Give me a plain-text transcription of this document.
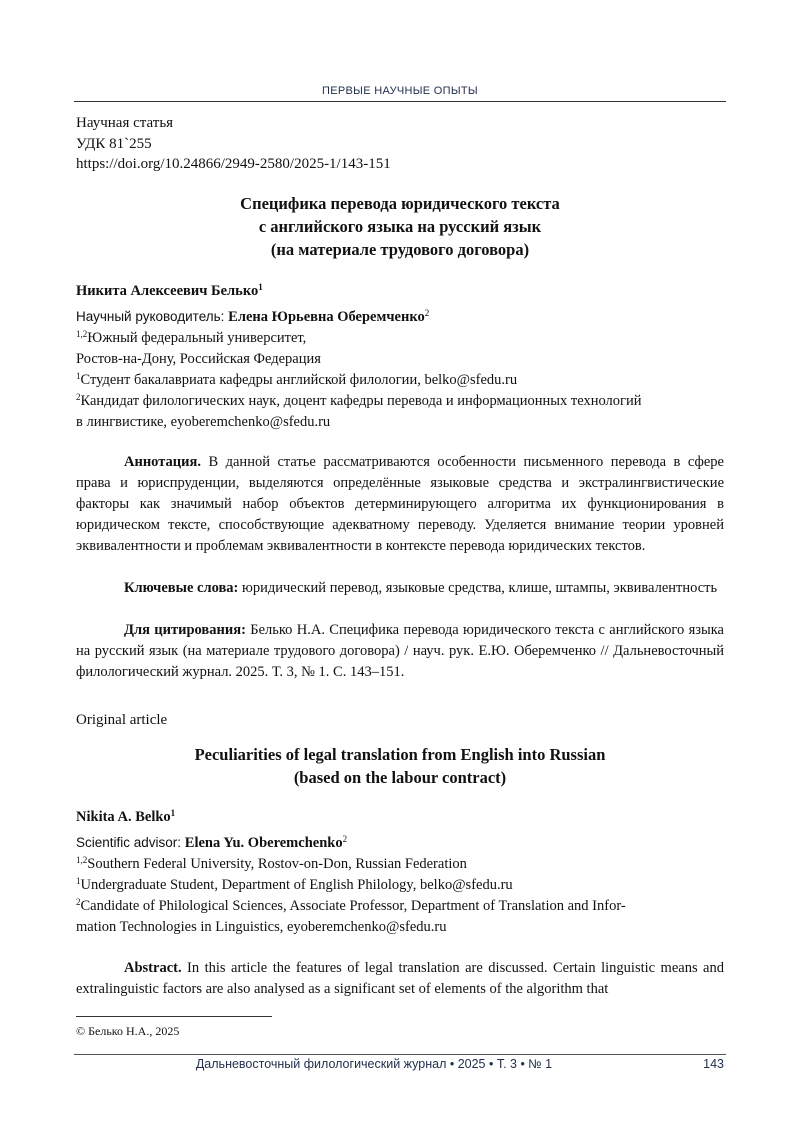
ПЕРВЫЕ НАУЧНЫЕ ОПЫТЫ
Научная статья
УДК 81`255
https://doi.org/10.24866/2949-2580/2025-1/143-151
Специфика перевода юридического текста
с английского языка на русский язык
(на материале трудового договора)
Никита Алексеевич Белько$^1$
Научный руководитель: Елена Юрьевна Оберемченко$^2$
$^{1,2}$Южный федеральный университет,
Ростов-на-Дону, Российская Федерация
$^1$Студент бакалавриата кафедры английской филологии, belko@sfedu.ru
$^2$Кандидат филологических наук, доцент кафедры перевода и информационных технологий
в лингвистике, eyoberemchenko@sfedu.ru
Аннотация. В данной статье рассматриваются особенности письменного перевода в сфере права и юриспруденции, выделяются определённые языковые средства и экстралингвистические факторы как значимый набор объектов детерминирующего алгоритма их функционирования в юридическом тексте, способствующие адекватному переводу. Уделяется внимание теории уровней эквивалентности и проблемам эквивалентности в контексте перевода юридических текстов.
Ключевые слова: юридический перевод, языковые средства, клише, штампы, эквивалентность
Для цитирования: Белько Н.А. Специфика перевода юридического текста с английского языка на русский язык (на материале трудового договора) / науч. рук. Е.Ю. Оберемченко // Дальневосточный филологический журнал. 2025. Т. 3, № 1. С. 143–151.
Original article
Peculiarities of legal translation from English into Russian
(based on the labour contract)
Nikita A. Belko$^1$
Scientific advisor: Elena Yu. Oberemchenko$^2$
$^{1,2}$Southern Federal University, Rostov-on-Don, Russian Federation
$^1$Undergraduate Student, Department of English Philology, belko@sfedu.ru
$^2$Candidate of Philological Sciences, Associate Professor, Department of Translation and Infor-
mation Technologies in Linguistics, eyoberemchenko@sfedu.ru
Abstract. In this article the features of legal translation are discussed. Certain linguistic means and extralinguistic factors are also analysed as a significant set of elements of the algorithm that
© Белько Н.А., 2025
Дальневосточный филологический журнал • 2025 • Т. 3 • № 1	143
